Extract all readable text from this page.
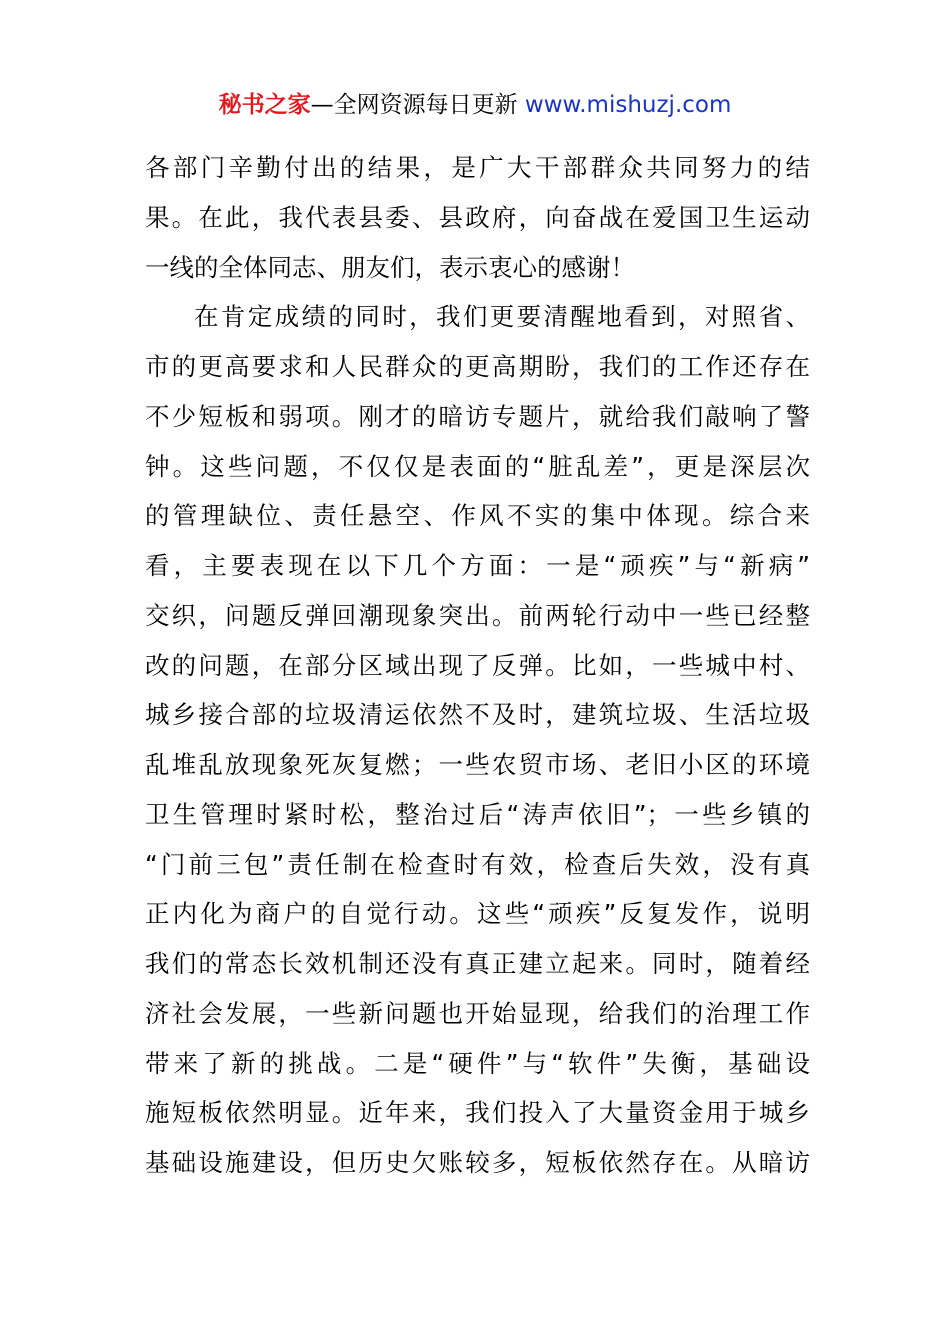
秘书之家—全网资源每日更新 www.mishuzj.com
各部门辛勤付出的结果，是广大干部群众共同努力的结
果。在此，我代表县委、县政府，向奋战在爱国卫生运动
一线的全体同志、朋友们，表示衷心的感谢！
在肯定成绩的同时，我们更要清醒地看到，对照省、
市的更高要求和人民群众的更高期盼，我们的工作还存在
不少短板和弱项。刚才的暗访专题片，就给我们敲响了警
钟。这些问题，不仅仅是表面的“脏乱差”，更是深层次
的管理缺位、责任悬空、作风不实的集中体现。综合来
看，主要表现在以下几个方面：一是“顽疾”与“新病”
交织，问题反弹回潮现象突出。前两轮行动中一些已经整
改的问题，在部分区域出现了反弹。比如，一些城中村、
城乡接合部的垃圾清运依然不及时，建筑垃圾、生活垃圾
乱堆乱放现象死灰复燃；一些农贸市场、老旧小区的环境
卫生管理时紧时松，整治过后“涛声依旧”；一些乡镇的
“门前三包”责任制在检查时有效，检查后失效，没有真
正内化为商户的自觉行动。这些“顽疾”反复发作，说明
我们的常态长效机制还没有真正建立起来。同时，随着经
济社会发展，一些新问题也开始显现，给我们的治理工作
带来了新的挑战。二是“硬件”与“软件”失衡，基础设
施短板依然明显。近年来，我们投入了大量资金用于城乡
基础设施建设，但历史欠账较多，短板依然存在。从暗访
